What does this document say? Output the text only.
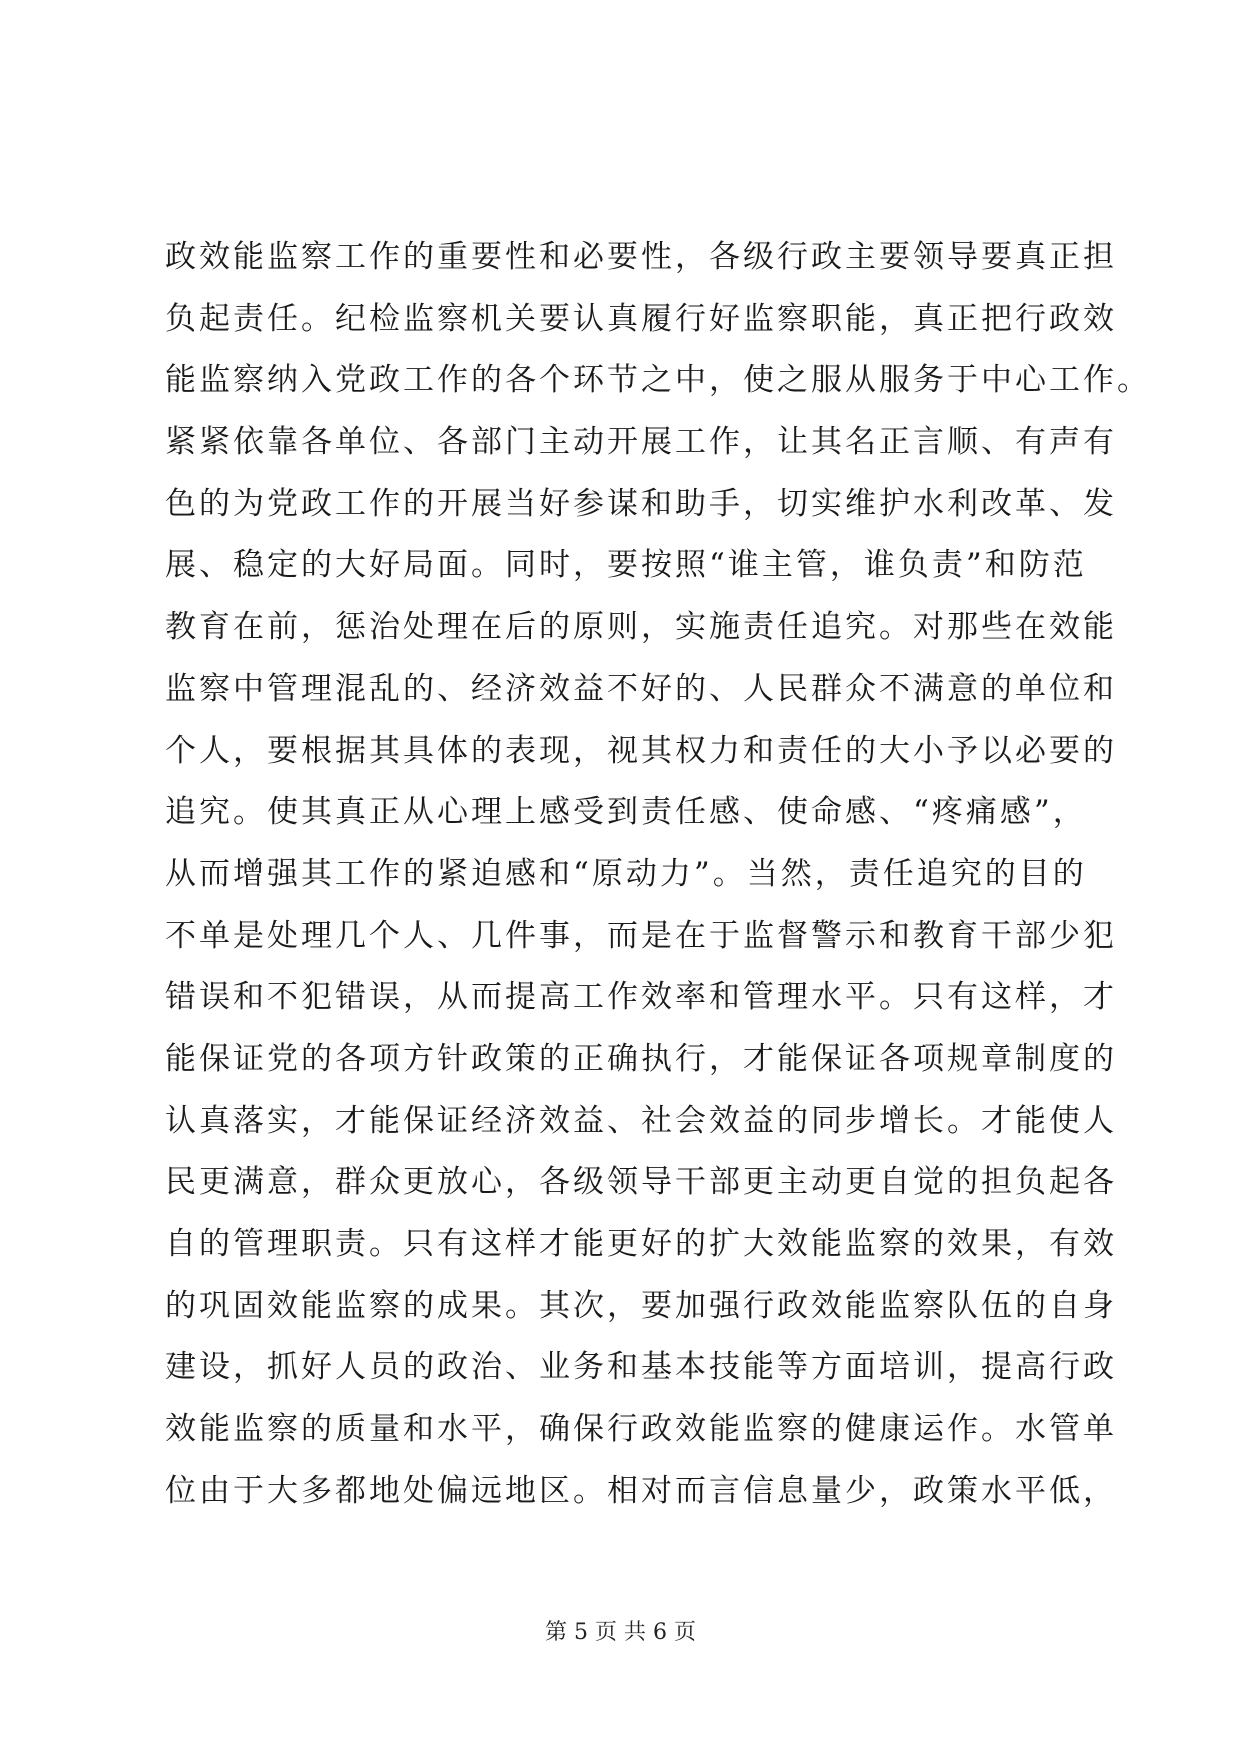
政效能监察工作的重要性和必要性，各级行政主要领导要真正担
负起责任。纪检监察机关要认真履行好监察职能，真正把行政效
能监察纳入党政工作的各个环节之中，使之服从服务于中心工作。
紧紧依靠各单位、各部门主动开展工作，让其名正言顺、有声有
色的为党政工作的开展当好参谋和助手，切实维护水利改革、发
展、稳定的大好局面。同时，要按照“谁主管，谁负责”和防范
教育在前，惩治处理在后的原则，实施责任追究。对那些在效能
监察中管理混乱的、经济效益不好的、人民群众不满意的单位和
个人，要根据其具体的表现，视其权力和责任的大小予以必要的
追究。使其真正从心理上感受到责任感、使命感、“疼痛感”，
从而增强其工作的紧迫感和“原动力”。当然，责任追究的目的
不单是处理几个人、几件事，而是在于监督警示和教育干部少犯
错误和不犯错误，从而提高工作效率和管理水平。只有这样，才
能保证党的各项方针政策的正确执行，才能保证各项规章制度的
认真落实，才能保证经济效益、社会效益的同步增长。才能使人
民更满意，群众更放心，各级领导干部更主动更自觉的担负起各
自的管理职责。只有这样才能更好的扩大效能监察的效果，有效
的巩固效能监察的成果。其次，要加强行政效能监察队伍的自身
建设，抓好人员的政治、业务和基本技能等方面培训，提高行政
效能监察的质量和水平，确保行政效能监察的健康运作。水管单
位由于大多都地处偏远地区。相对而言信息量少，政策水平低，
第 5 页 共 6 页
